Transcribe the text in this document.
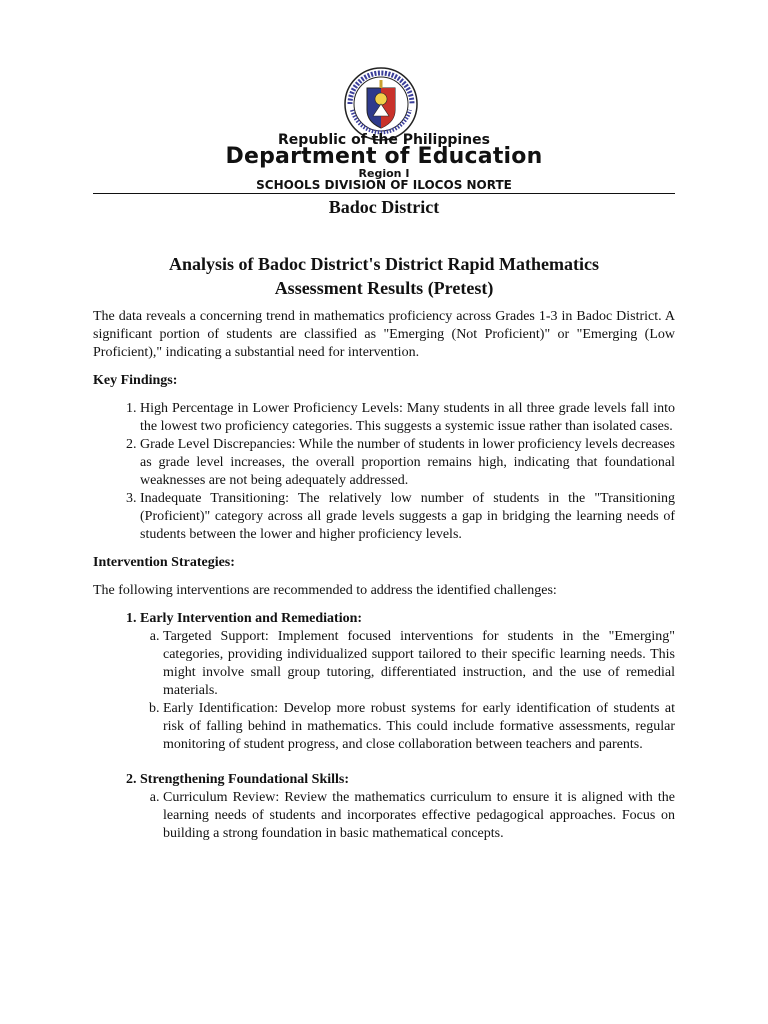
Republic of the Philippines
Department of Education
Region I
SCHOOLS DIVISION OF ILOCOS NORTE
Badoc District
Analysis of Badoc District's District Rapid Mathematics
Assessment Results (Pretest)

The data reveals a concerning trend in mathematics proficiency across Grades 1-3 in Badoc District. A significant portion of students are classified as "Emerging (Not Proficient)" or "Emerging (Low Proficient)," indicating a substantial need for intervention.

Key Findings:

1. High Percentage in Lower Proficiency Levels: Many students in all three grade levels fall into the lowest two proficiency categories. This suggests a systemic issue rather than isolated cases.
2. Grade Level Discrepancies: While the number of students in lower proficiency levels decreases as grade level increases, the overall proportion remains high, indicating that foundational weaknesses are not being adequately addressed.
3. Inadequate Transitioning: The relatively low number of students in the "Transitioning (Proficient)" category across all grade levels suggests a gap in bridging the learning needs of students between the lower and higher proficiency levels.

Intervention Strategies:

The following interventions are recommended to address the identified challenges:

1. Early Intervention and Remediation:
a. Targeted Support: Implement focused interventions for students in the "Emerging" categories, providing individualized support tailored to their specific learning needs. This might involve small group tutoring, differentiated instruction, and the use of remedial materials.
b. Early Identification: Develop more robust systems for early identification of students at risk of falling behind in mathematics. This could include formative assessments, regular monitoring of student progress, and close collaboration between teachers and parents.
2. Strengthening Foundational Skills:
a. Curriculum Review: Review the mathematics curriculum to ensure it is aligned with the learning needs of students and incorporates effective pedagogical approaches. Focus on building a strong foundation in basic mathematical concepts.
